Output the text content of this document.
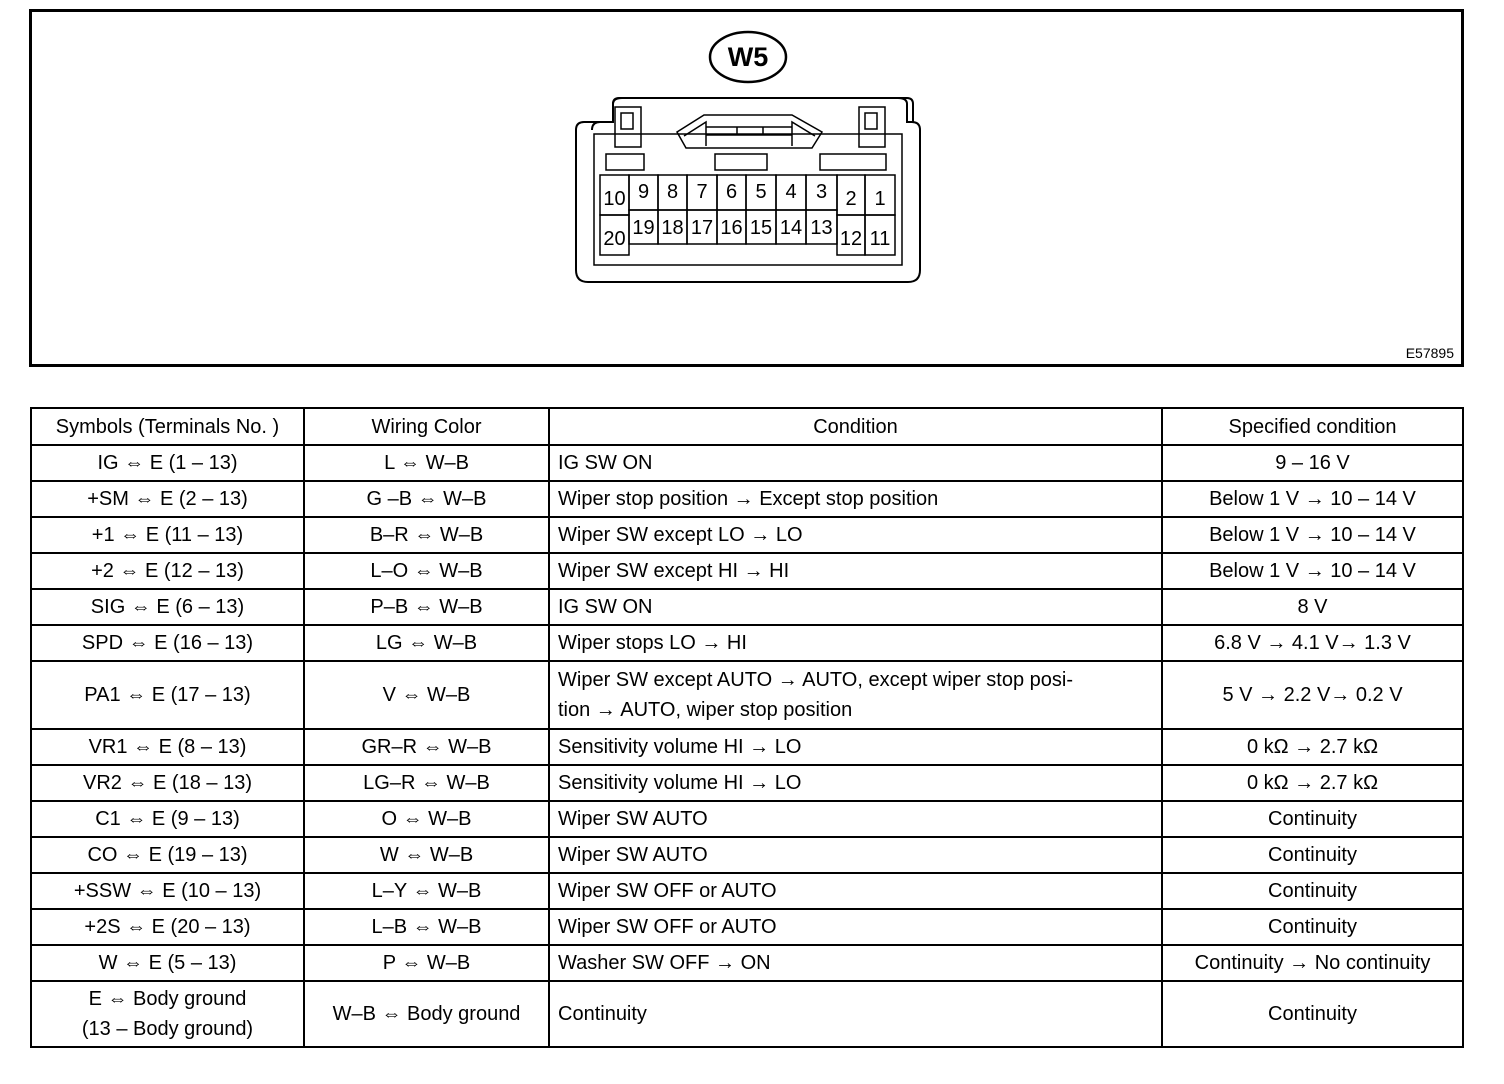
W5
10
20
9
19
8
18
7
17
6
16
5
15
4
14
3
13
2
12
1
11
E57895
Symbols (Terminals No. )	Wiring Color	Condition	Specified condition
IG ⇔ E (1 – 13)	L ⇔ W–B	IG SW ON	9 – 16 V
+SM ⇔ E (2 – 13)	G –B ⇔ W–B	Wiper stop position → Except stop position	Below 1 V → 10 – 14 V
+1 ⇔ E (11 – 13)	B–R ⇔ W–B	Wiper SW except LO → LO	Below 1 V → 10 – 14 V
+2 ⇔ E (12 – 13)	L–O ⇔ W–B	Wiper SW except HI → HI	Below 1 V → 10 – 14 V
SIG ⇔ E (6 – 13)	P–B ⇔ W–B	IG SW ON	8 V
SPD ⇔ E (16 – 13)	LG ⇔ W–B	Wiper stops LO → HI	6.8 V → 4.1 V→ 1.3 V
PA1 ⇔ E (17 – 13)	V ⇔ W–B	Wiper SW except AUTO → AUTO, except wiper stop posi-
tion → AUTO, wiper stop position	5 V → 2.2 V→ 0.2 V
VR1 ⇔ E (8 – 13)	GR–R ⇔ W–B	Sensitivity volume HI → LO	0 kΩ → 2.7 kΩ
VR2 ⇔ E (18 – 13)	LG–R ⇔ W–B	Sensitivity volume HI → LO	0 kΩ → 2.7 kΩ
C1 ⇔ E (9 – 13)	O ⇔ W–B	Wiper SW AUTO	Continuity
CO ⇔ E (19 – 13)	W ⇔ W–B	Wiper SW AUTO	Continuity
+SSW ⇔ E (10 – 13)	L–Y ⇔ W–B	Wiper SW OFF or AUTO	Continuity
+2S ⇔ E (20 – 13)	L–B ⇔ W–B	Wiper SW OFF or AUTO	Continuity
W ⇔ E (5 – 13)	P ⇔ W–B	Washer SW OFF → ON	Continuity → No continuity
E ⇔ Body ground
(13 – Body ground)	W–B ⇔ Body ground	Continuity	Continuity
